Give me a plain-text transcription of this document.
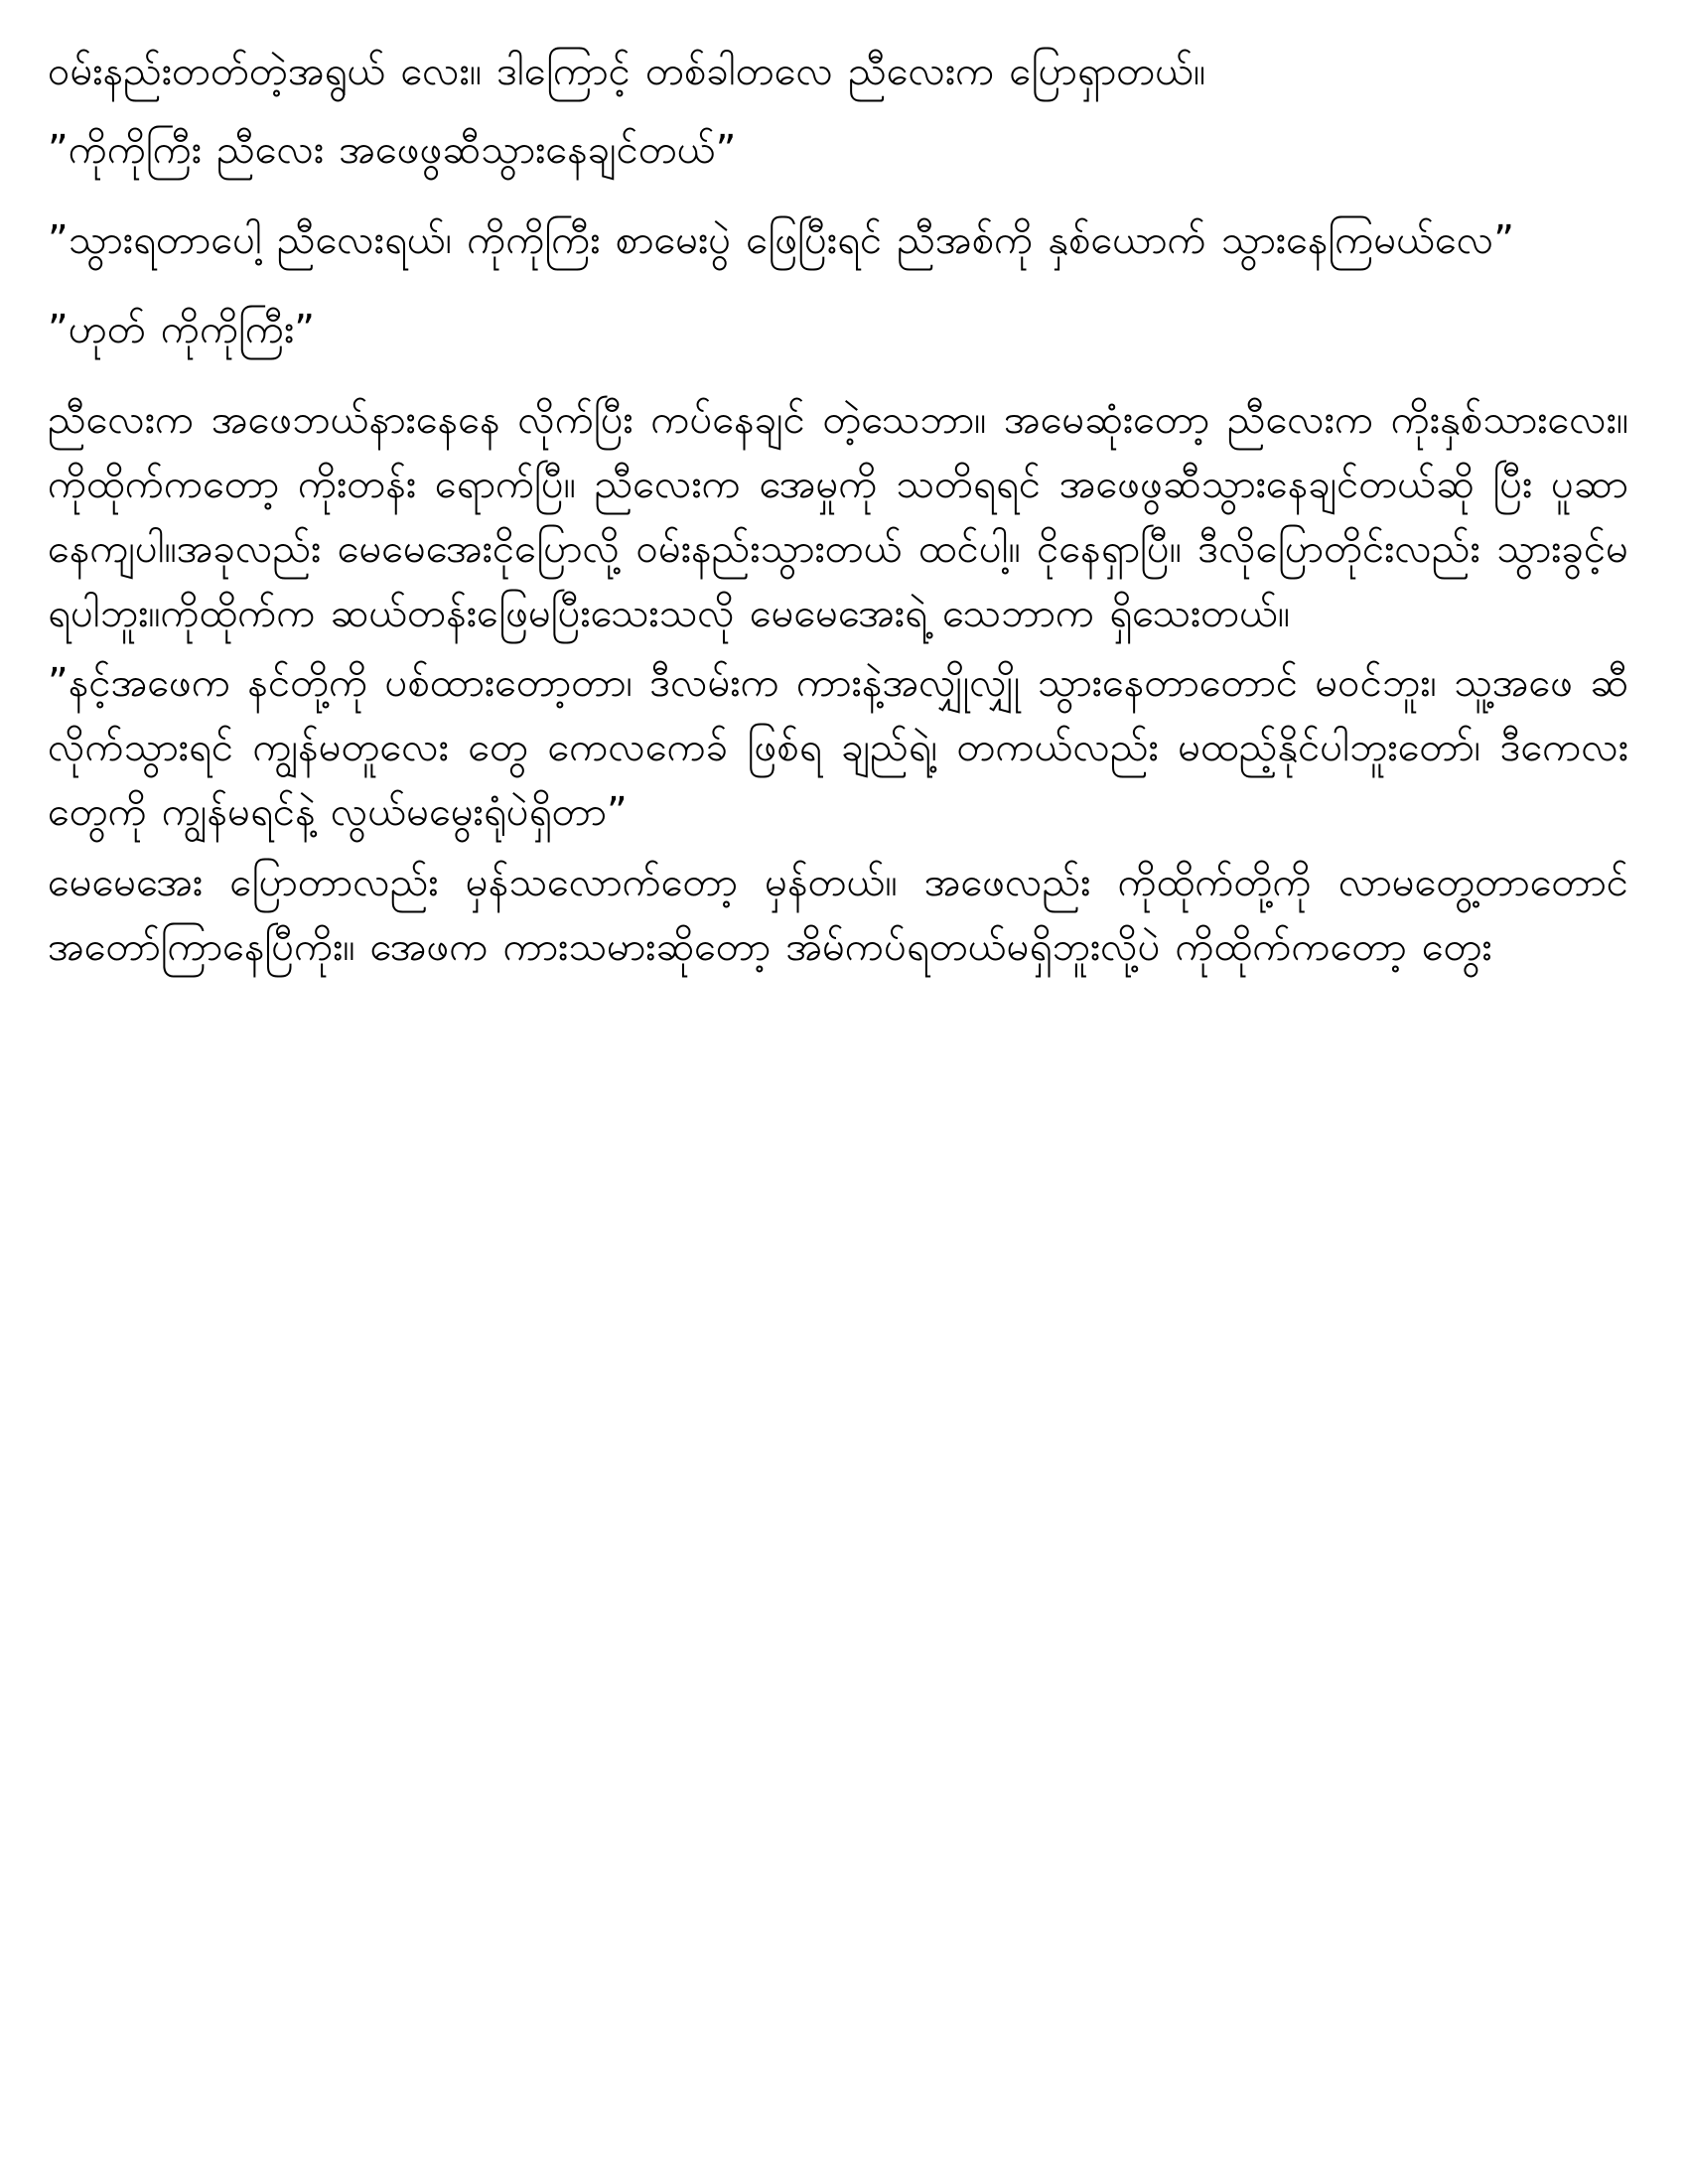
ဝမ်းနည်းတတ်တဲ့အရွယ် လေး။ ဒါကြောင့် တစ်ခါတလေ ညီလေးက ပြောရှာတယ်။

”ကိုကိုကြီး ညီလေး အဖေဖွဆီသွားနေချင်တယ်”

”သွားရတာပေါ့ ညီလေးရယ်၊ ကိုကိုကြီး စာမေးပွဲ ဖြေပြီးရင် ညီအစ်ကို နှစ်ယောက် သွားနေကြမယ်လေ”

”ဟုတ် ကိုကိုကြီး”

ညီလေးက အဖေဘယ်နားနေနေ လိုက်ပြီး ကပ်နေချင် တဲ့သေဘာ။ အမေဆုံးတော့ ညီလေးက ကိုးနှစ်သားလေး။ကိုထိုက်ကတော့ ကိုးတန်း ရောက်ပြီ။ ညီလေးက အေမှုကို သတိရရင် အဖေဖွဆီသွားနေချင်တယ်ဆို ပြီး ပူဆာနေကျပါ။အခုလည်း မေမေအေးငိုပြောလို့ ဝမ်းနည်းသွားတယ် ထင်ပါ့။ ငိုနေရှာပြီ။ ဒီလိုပြောတိုင်းလည်း သွားခွင့်မရပါဘူး။ကိုထိုက်က ဆယ်တန်းဖြေမပြီးသေးသလို မေမေအေးရဲ့ သေဘာက ရှိသေးတယ်။

”နင့်အဖေက နင်တို့ကို ပစ်ထားတော့တာ၊ ဒီလမ်းက ကားနဲ့အလျှိုလျှို သွားနေတာတောင် မဝင်ဘူး၊ သူ့အဖေ ဆီလိုက်သွားရင် ကျွန်မတူလေး တွေ ကေလကေခ် ဖြစ်ရ ချည်ရဲ့၊ တကယ်လည်း မထည့်နိုင်ပါဘူးတော်၊ ဒီကေလး တွေကို ကျွန်မရင်နဲ့ လွယ်မမွေးရုံပဲရှိတာ”

မေမေအေး ပြောတာလည်း မှန်သလောက်တော့ မှန်တယ်။ အဖေလည်း ကိုထိုက်တို့ကို လာမတွေ့တာတောင် အတော်ကြာနေပြီကိုး။ အေဖက ကားသမားဆိုတော့ အိမ်ကပ်ရတယ်မရှိဘူးလို့ပဲ ကိုထိုက်ကတော့ တွေး
